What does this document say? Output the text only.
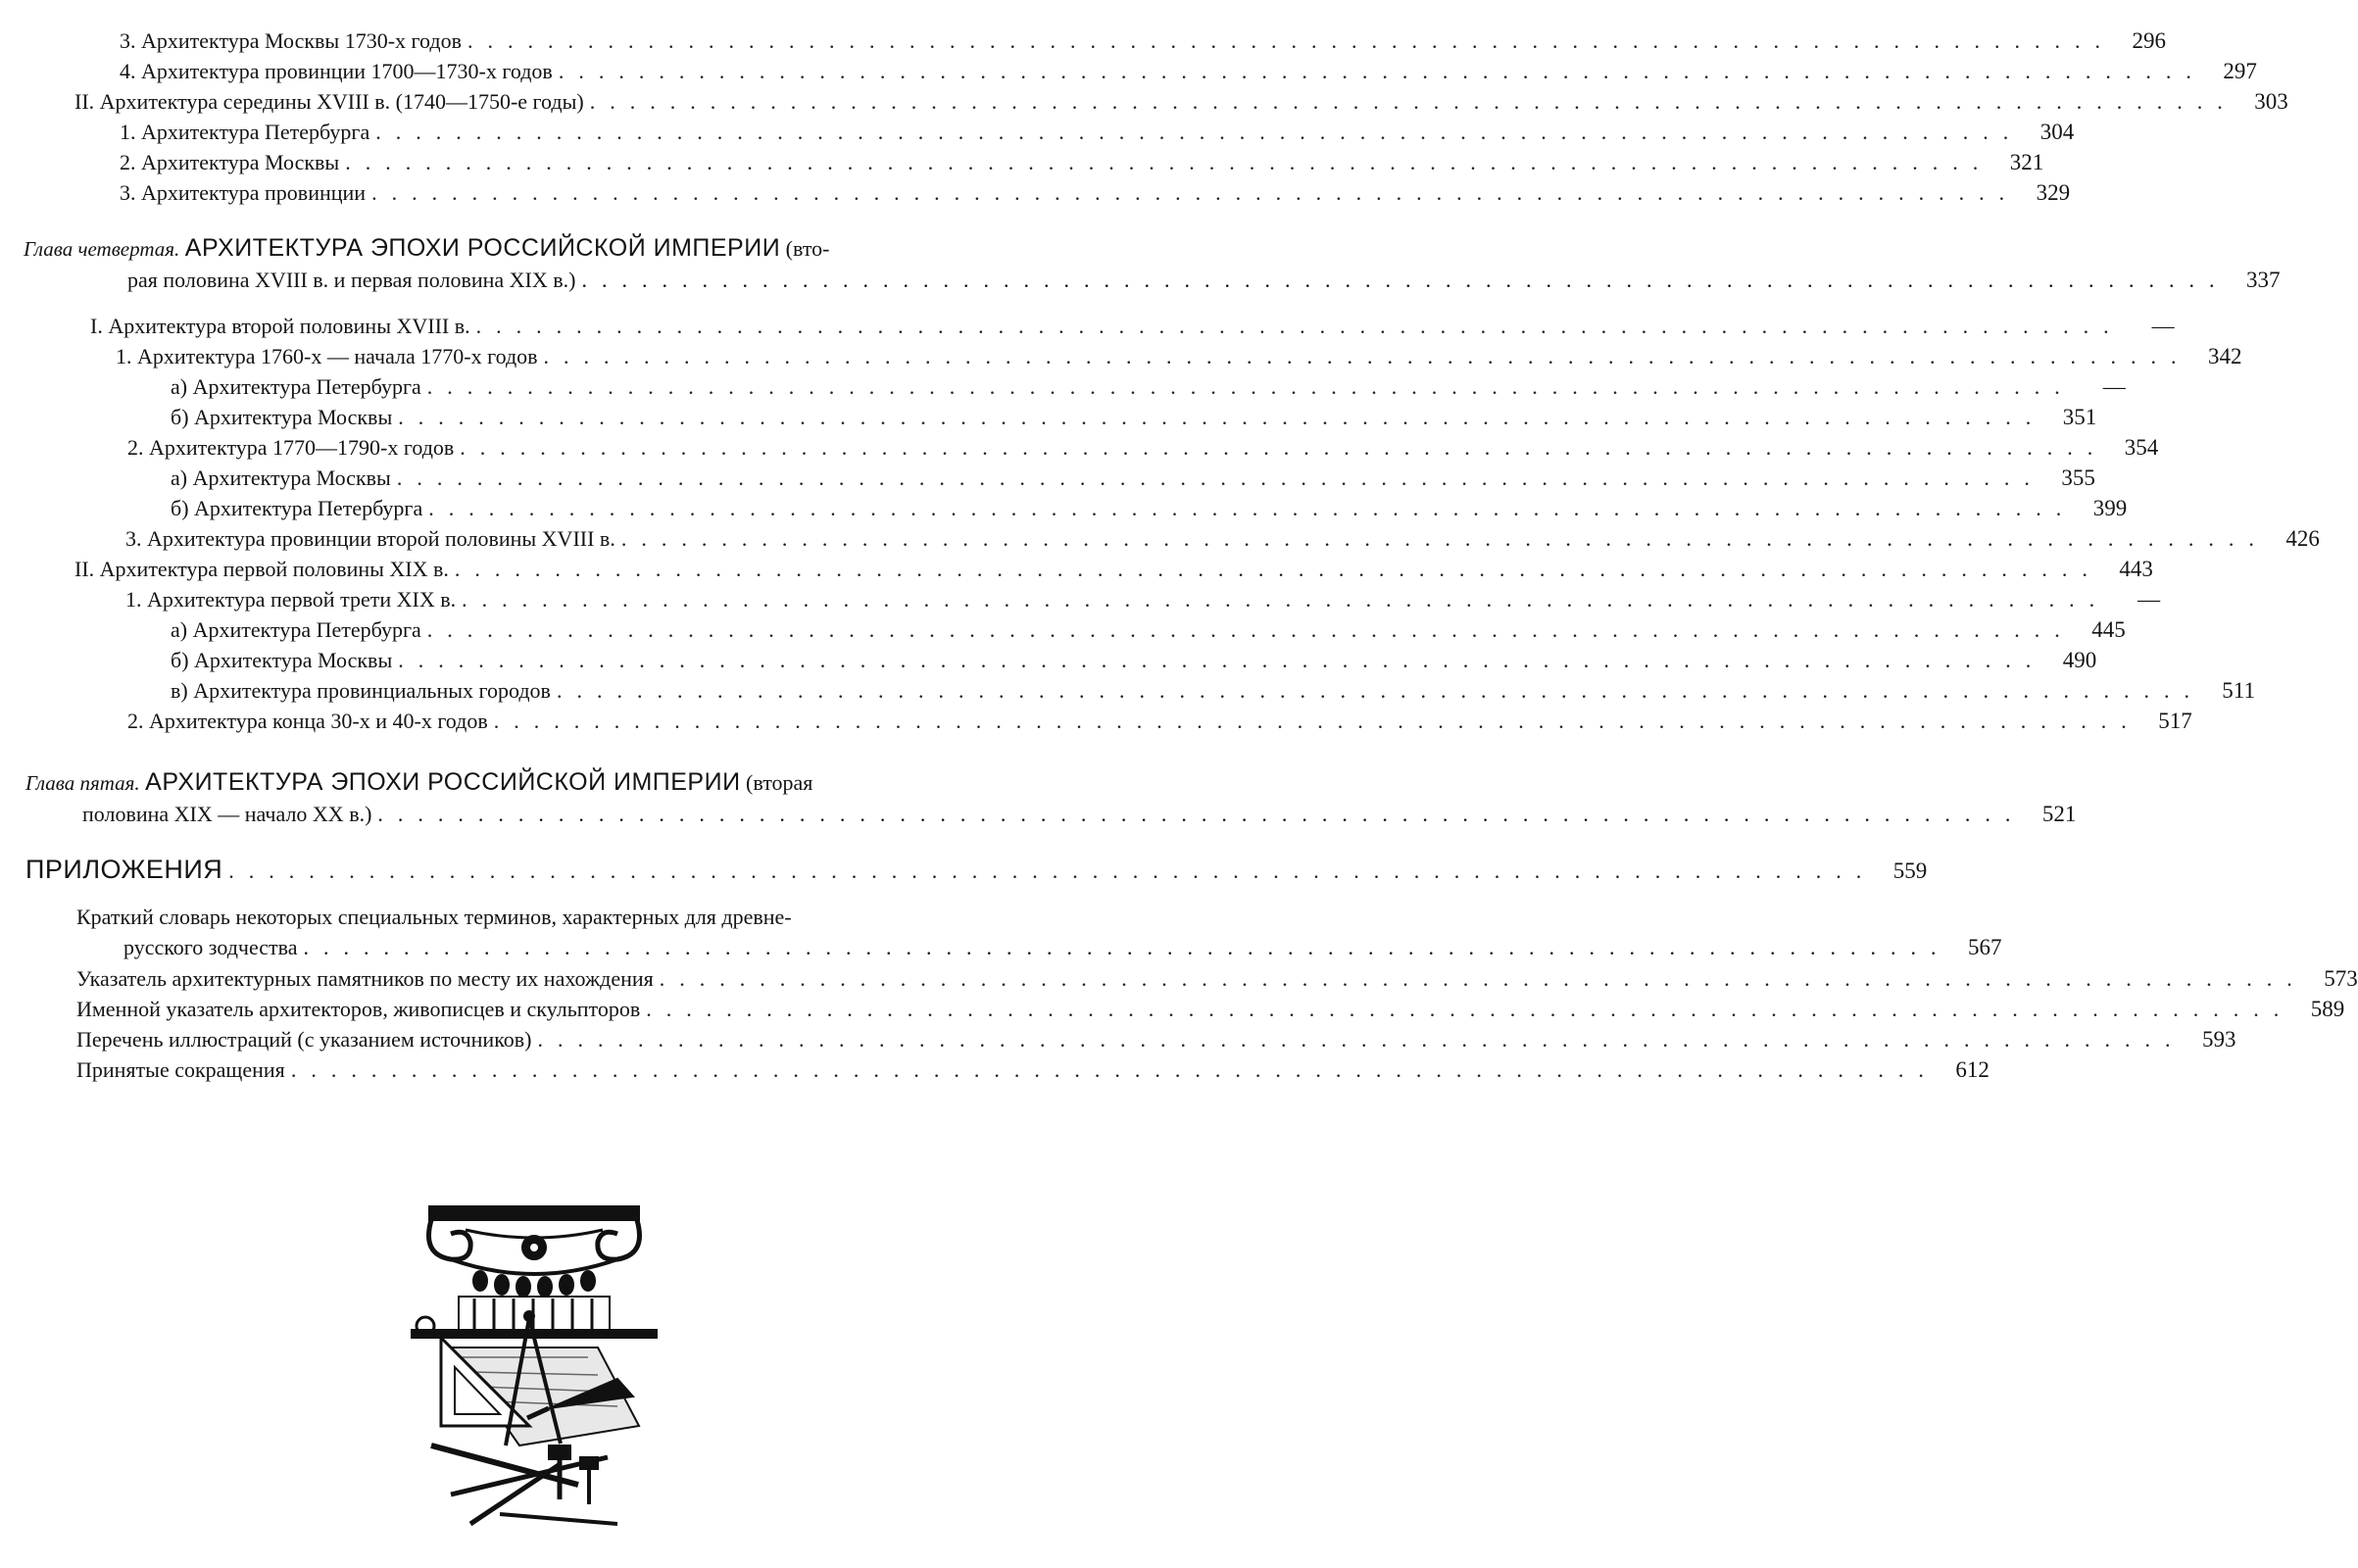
3. Архитектура Москвы 1730-х годов .................................................................................. 296
4. Архитектура провинции 1700—1730-х годов .................................................................................. 297
II. Архитектура середины XVIII в. (1740—1750-е годы) .................................................................................. 303
1. Архитектура Петербурга .................................................................................. 304
2. Архитектура Москвы .................................................................................. 321
3. Архитектура провинции .................................................................................. 329
Глава четвертая. АРХИТЕКТУРА ЭПОХИ РОССИЙСКОЙ ИМПЕРИИ (вто-
рая половина XVIII в. и первая половина XIX в.) .................................................................................. 337
I. Архитектура второй половины XVIII в. ..................................................................................	—
1. Архитектура 1760-х — начала 1770-х годов .................................................................................. 342
а) Архитектура Петербурга ..................................................................................	—
б) Архитектура Москвы .................................................................................. 351
2. Архитектура 1770—1790-х годов .................................................................................. 354
а) Архитектура Москвы .................................................................................. 355
б) Архитектура Петербурга .................................................................................. 399
3. Архитектура провинции второй половины XVIII в. .................................................................................. 426
II. Архитектура первой половины XIX в. .................................................................................. 443
1. Архитектура первой трети XIX в. ..................................................................................	—
а) Архитектура Петербурга .................................................................................. 445
б) Архитектура Москвы .................................................................................. 490
в) Архитектура провинциальных городов .................................................................................. 511
2. Архитектура конца 30-х и 40-х годов .................................................................................. 517
Глава пятая. АРХИТЕКТУРА ЭПОХИ РОССИЙСКОЙ ИМПЕРИИ (вторая
половина XIX — начало XX в.) .................................................................................. 521
ПРИЛОЖЕНИЯ .................................................................................. 559
Краткий словарь некоторых специальных терминов, характерных для древне-
русского зодчества .................................................................................. 567
Указатель архитектурных памятников по месту их нахождения .................................................................................. 573
Именной указатель архитекторов, живописцев и скульпторов .................................................................................. 589
Перечень иллюстраций (с указанием источников) .................................................................................. 593
Принятые сокращения .................................................................................. 612
